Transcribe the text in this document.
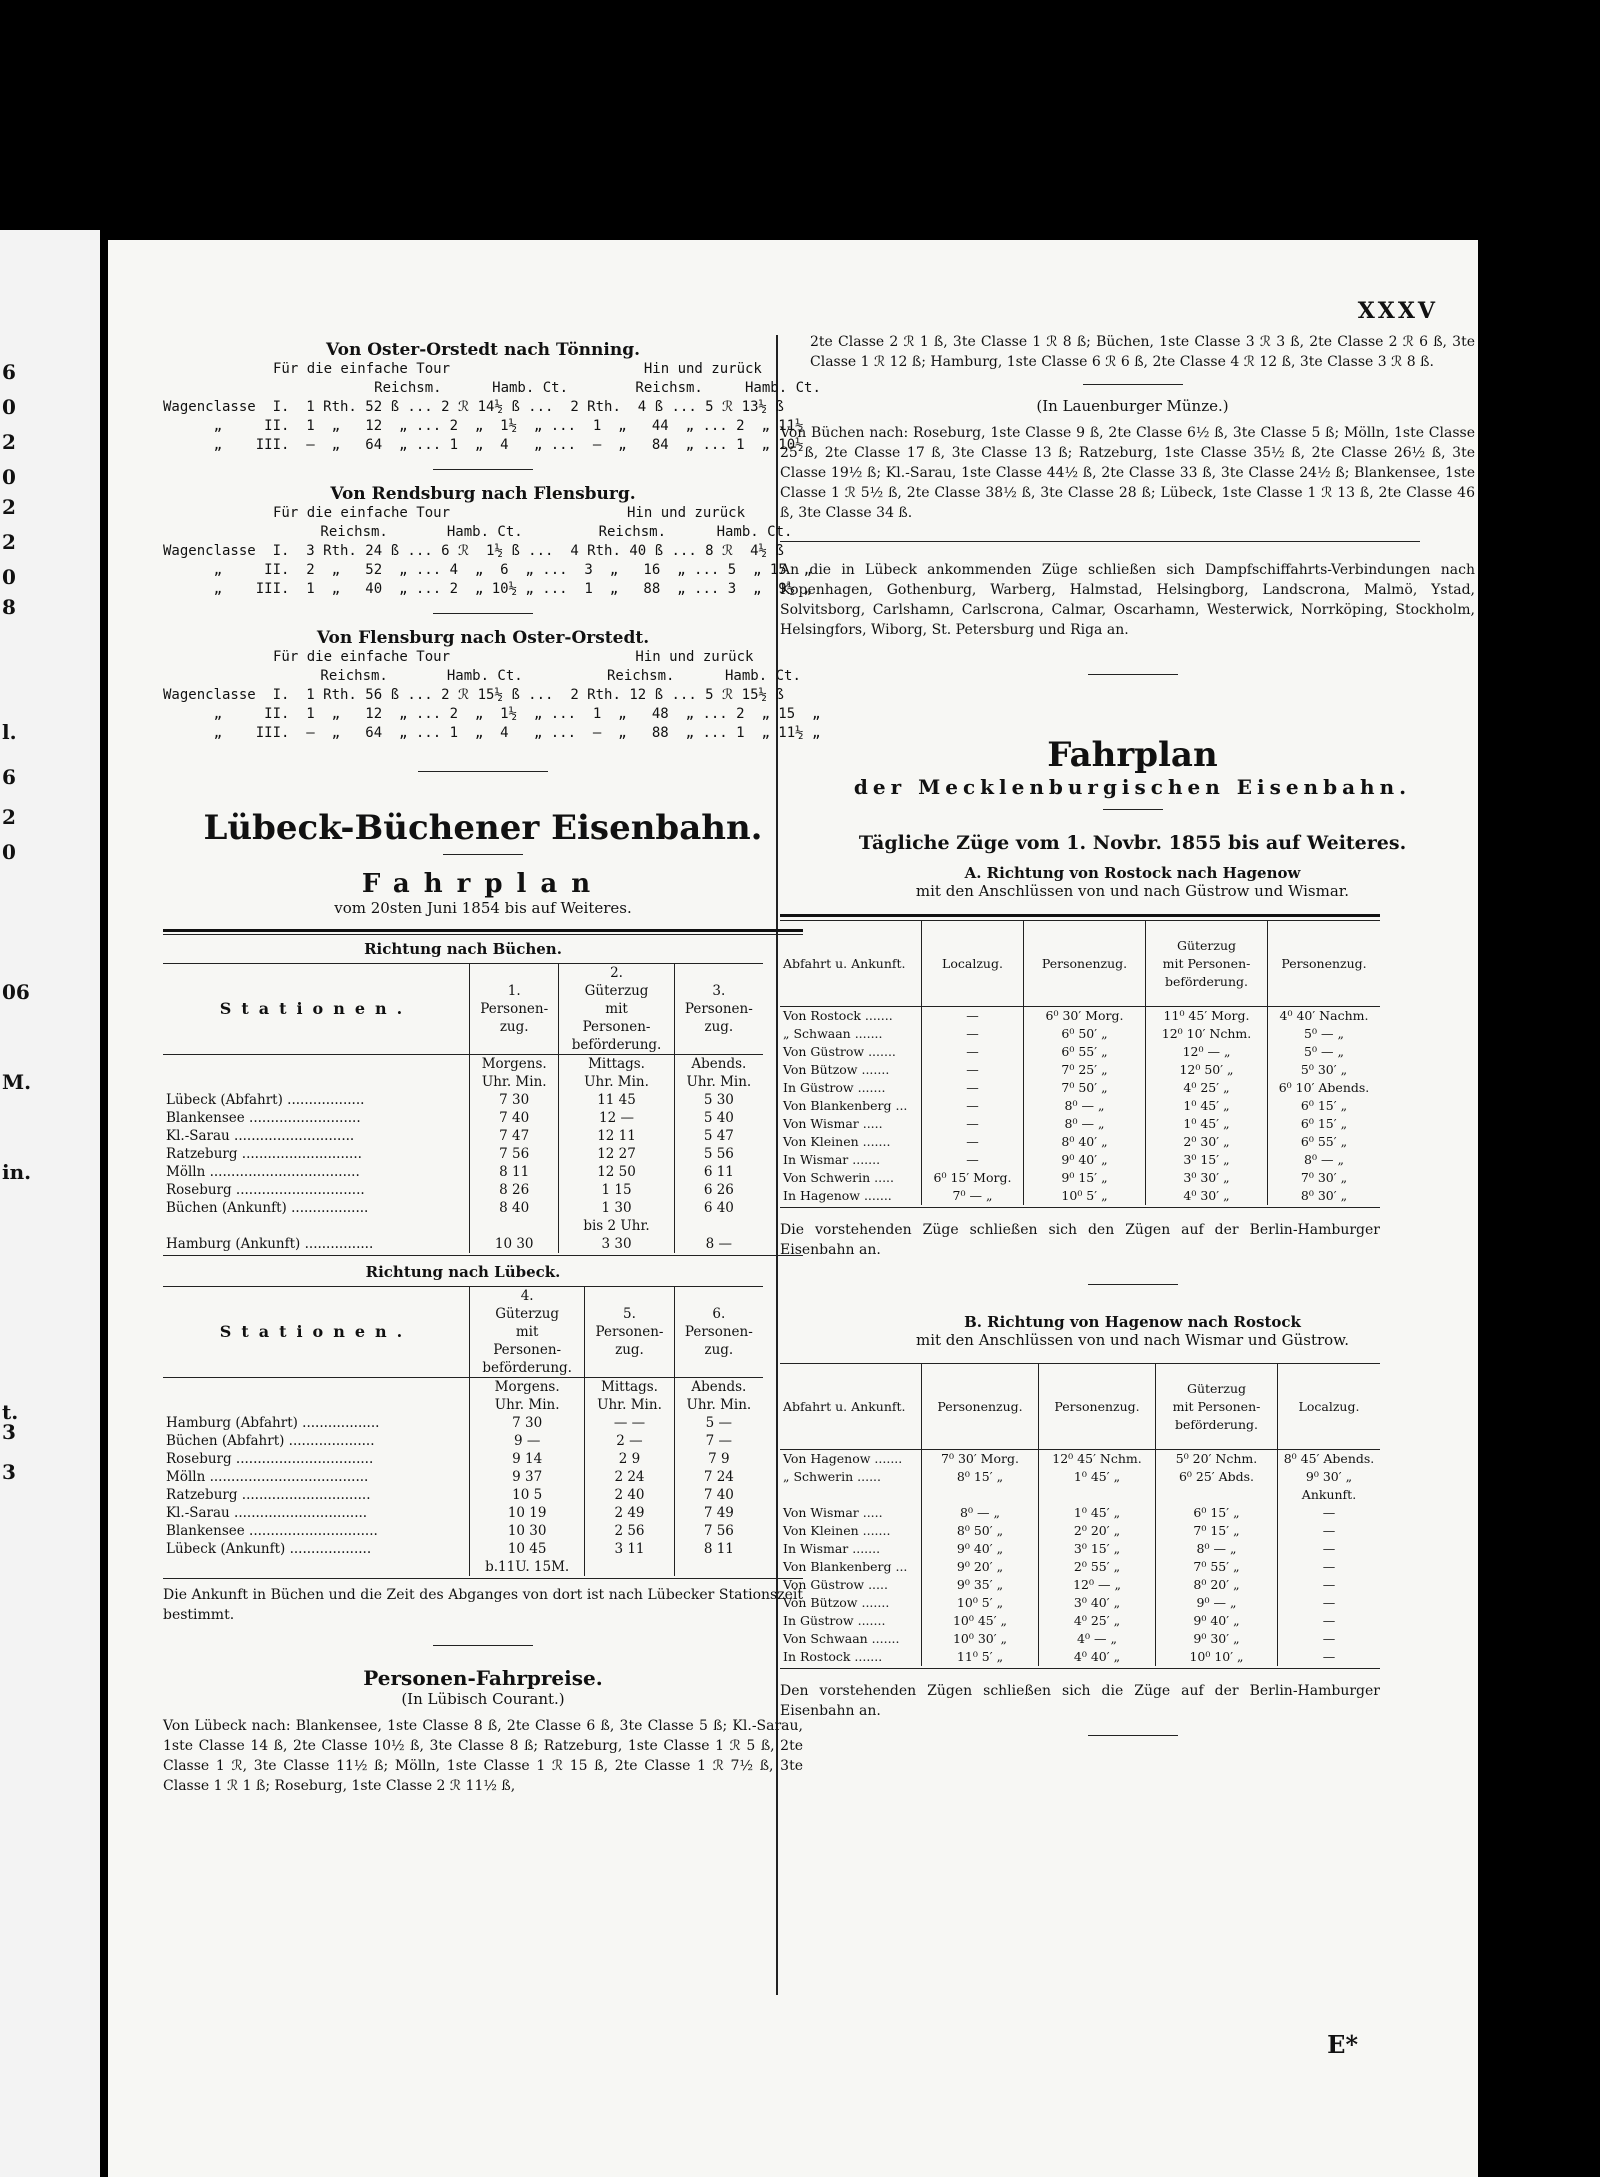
6
0
2
0
2
2
0
8
l.
6
2
0
06
M.
in.
t.
3
3
XXXV

Von Oster-Orstedt nach Tönning.

Für die einfache Tour                       Hin und zurück
Reichsm.      Hamb. Ct.        Reichsm.     Hamb. Ct.
Wagenclasse  I.  1 Rth. 52 ß ... 2 ℛ 14½ ß ...  2 Rth.  4 ß ... 5 ℛ 13½ ß
„     II.  1  „   12  „ ... 2  „  1½  „ ...  1  „   44  „ ... 2  „ 11½
„    III.  —  „   64  „ ... 1  „  4   „ ...  —  „   84  „ ... 1  „ 10½

Von Rendsburg nach Flensburg.

Für die einfache Tour                     Hin und zurück
Reichsm.       Hamb. Ct.         Reichsm.      Hamb. Ct.
Wagenclasse  I.  3 Rth. 24 ß ... 6 ℛ  1½ ß ...  4 Rth. 40 ß ... 8 ℛ  4½ ß
„     II.  2  „   52  „ ... 4  „  6  „ ...  3  „   16  „ ... 5  „ 15  „
„    III.  1  „   40  „ ... 2  „ 10½ „ ...  1  „   88  „ ... 3  „  9½ „

Von Flensburg nach Oster-Orstedt.

Für die einfache Tour                      Hin und zurück
Reichsm.       Hamb. Ct.          Reichsm.      Hamb. Ct.
Wagenclasse  I.  1 Rth. 56 ß ... 2 ℛ 15½ ß ...  2 Rth. 12 ß ... 5 ℛ 15½ ß
„     II.  1  „   12  „ ... 2  „  1½  „ ...  1  „   48  „ ... 2  „ 15  „
„    III.  —  „   64  „ ... 1  „  4   „ ...  —  „   88  „ ... 1  „ 11½ „
Lübeck-Büchener Eisenbahn.
Fahrplan
vom 20sten Juni 1854 bis auf Weiteres.
Richtung nach Büchen.			
Stationen.	1.
Personen-
zug.	2.
Güterzug
mit
Personen-
beförderung.	3.
Personen-
zug.
	Morgens.
Uhr. Min.	Mittags.
Uhr. Min.	Abends.
Uhr. Min.
Lübeck (Abfahrt) ..................	7 30	11 45	5 30
Blankensee ..........................	7 40	12 —	5 40
Kl.-Sarau ............................	7 47	12 11	5 47
Ratzeburg ............................	7 56	12 27	5 56
Mölln ...................................	8 11	12 50	6 11
Roseburg ..............................	8 26	1 15	6 26
Büchen (Ankunft) ..................	8 40	1 30	6 40
		bis 2 Uhr.	
Hamburg (Ankunft) ................	10 30	3 30	8 —
Richtung nach Lübeck.			
Stationen.	4.
Güterzug
mit
Personen-
beförderung.	5.
Personen-
zug.	6.
Personen-
zug.
	Morgens.
Uhr. Min.	Mittags.
Uhr. Min.	Abends.
Uhr. Min.
Hamburg (Abfahrt) ..................	7 30	— —	5 —
Büchen (Abfahrt) ....................	9 —	2 —	7 —
Roseburg ................................	9 14	2 9	7 9
Mölln .....................................	9 37	2 24	7 24
Ratzeburg ..............................	10 5	2 40	7 40
Kl.-Sarau ...............................	10 19	2 49	7 49
Blankensee ..............................	10 30	2 56	7 56
Lübeck (Ankunft) ...................	10 45	3 11	8 11
	b.11U. 15M.		
Die Ankunft in Büchen und die Zeit des Abganges von dort ist nach Lübecker Stationszeit bestimmt.
Personen-Fahrpreise.
(In Lübisch Courant.)
Von Lübeck nach: Blankensee, 1ste Classe 8 ß, 2te Classe 6 ß, 3te Classe 5 ß; Kl.-Sarau, 1ste Classe 14 ß, 2te Classe 10½ ß, 3te Classe 8 ß; Ratzeburg, 1ste Classe 1 ℛ 5 ß, 2te Classe 1 ℛ, 3te Classe 11½ ß; Mölln, 1ste Classe 1 ℛ 15 ß, 2te Classe 1 ℛ 7½ ß, 3te Classe 1 ℛ 1 ß; Roseburg, 1ste Classe 2 ℛ 11½ ß,
2te Classe 2 ℛ 1 ß, 3te Classe 1 ℛ 8 ß; Büchen, 1ste Classe 3 ℛ 3 ß, 2te Classe 2 ℛ 6 ß, 3te Classe 1 ℛ 12 ß; Hamburg, 1ste Classe 6 ℛ 6 ß, 2te Classe 4 ℛ 12 ß, 3te Classe 3 ℛ 8 ß.
(In Lauenburger Münze.)
Von Büchen nach: Roseburg, 1ste Classe 9 ß, 2te Classe 6½ ß, 3te Classe 5 ß; Mölln, 1ste Classe 25 ß, 2te Classe 17 ß, 3te Classe 13 ß; Ratzeburg, 1ste Classe 35½ ß, 2te Classe 26½ ß, 3te Classe 19½ ß; Kl.-Sarau, 1ste Classe 44½ ß, 2te Classe 33 ß, 3te Classe 24½ ß; Blankensee, 1ste Classe 1 ℛ 5½ ß, 2te Classe 38½ ß, 3te Classe 28 ß; Lübeck, 1ste Classe 1 ℛ 13 ß, 2te Classe 46 ß, 3te Classe 34 ß.
An die in Lübeck ankommenden Züge schließen sich Dampfschiffahrts-Verbindungen nach Kopenhagen, Gothenburg, Warberg, Halmstad, Helsingborg, Landscrona, Malmö, Ystad, Solvitsborg, Carlshamn, Carlscrona, Calmar, Oscarhamn, Westerwick, Norrköping, Stockholm, Helsingfors, Wiborg, St. Petersburg und Riga an.
Fahrplan
der Mecklenburgischen Eisenbahn.
Tägliche Züge vom 1. Novbr. 1855 bis auf Weiteres.
A. Richtung von Rostock nach Hagenow
mit den Anschlüssen von und nach Güstrow und Wismar.
Abfahrt u. Ankunft.	Localzug.	Personenzug.	Güterzug
mit Personen-
beförderung.	Personenzug.
Von Rostock .......	—	6⁰ 30′ Morg.	11⁰ 45′ Morg.	4⁰ 40′ Nachm.
„ Schwaan .......	—	6⁰ 50′ „	12⁰ 10′ Nchm.	5⁰ — „
Von Güstrow .......	—	6⁰ 55′ „	12⁰ — „	5⁰ — „
Von Bützow .......	—	7⁰ 25′ „	12⁰ 50′ „	5⁰ 30′ „
In Güstrow .......	—	7⁰ 50′ „	4⁰ 25′ „	6⁰ 10′ Abends.
Von Blankenberg ...	—	8⁰ — „	1⁰ 45′ „	6⁰ 15′ „
Von Wismar .....	—	8⁰ — „	1⁰ 45′ „	6⁰ 15′ „
Von Kleinen .......	—	8⁰ 40′ „	2⁰ 30′ „	6⁰ 55′ „
In Wismar .......	—	9⁰ 40′ „	3⁰ 15′ „	8⁰ — „
Von Schwerin .....	6⁰ 15′ Morg.	9⁰ 15′ „	3⁰ 30′ „	7⁰ 30′ „
In Hagenow .......	7⁰ — „	10⁰ 5′ „	4⁰ 30′ „	8⁰ 30′ „
Die vorstehenden Züge schließen sich den Zügen auf der Berlin-Hamburger Eisenbahn an.
B. Richtung von Hagenow nach Rostock
mit den Anschlüssen von und nach Wismar und Güstrow.
Abfahrt u. Ankunft.	Personenzug.	Personenzug.	Güterzug
mit Personen-
beförderung.	Localzug.
Von Hagenow .......	7⁰ 30′ Morg.	12⁰ 45′ Nchm.	5⁰ 20′ Nchm.	8⁰ 45′ Abends.
„ Schwerin ......	8⁰ 15′ „	1⁰ 45′ „	6⁰ 25′ Abds.	9⁰ 30′ „
				Ankunft.
Von Wismar .....	8⁰ — „	1⁰ 45′ „	6⁰ 15′ „	—
Von Kleinen .......	8⁰ 50′ „	2⁰ 20′ „	7⁰ 15′ „	—
In Wismar .......	9⁰ 40′ „	3⁰ 15′ „	8⁰ — „	—
Von Blankenberg ...	9⁰ 20′ „	2⁰ 55′ „	7⁰ 55′ „	—
Von Güstrow .....	9⁰ 35′ „	12⁰ — „	8⁰ 20′ „	—
Von Bützow .......	10⁰ 5′ „	3⁰ 40′ „	9⁰ — „	—
In Güstrow .......	10⁰ 45′ „	4⁰ 25′ „	9⁰ 40′ „	—
Von Schwaan .......	10⁰ 30′ „	4⁰ — „	9⁰ 30′ „	—
In Rostock .......	11⁰ 5′ „	4⁰ 40′ „	10⁰ 10′ „	—
Den vorstehenden Zügen schließen sich die Züge auf der Berlin-Hamburger Eisenbahn an.
E*
